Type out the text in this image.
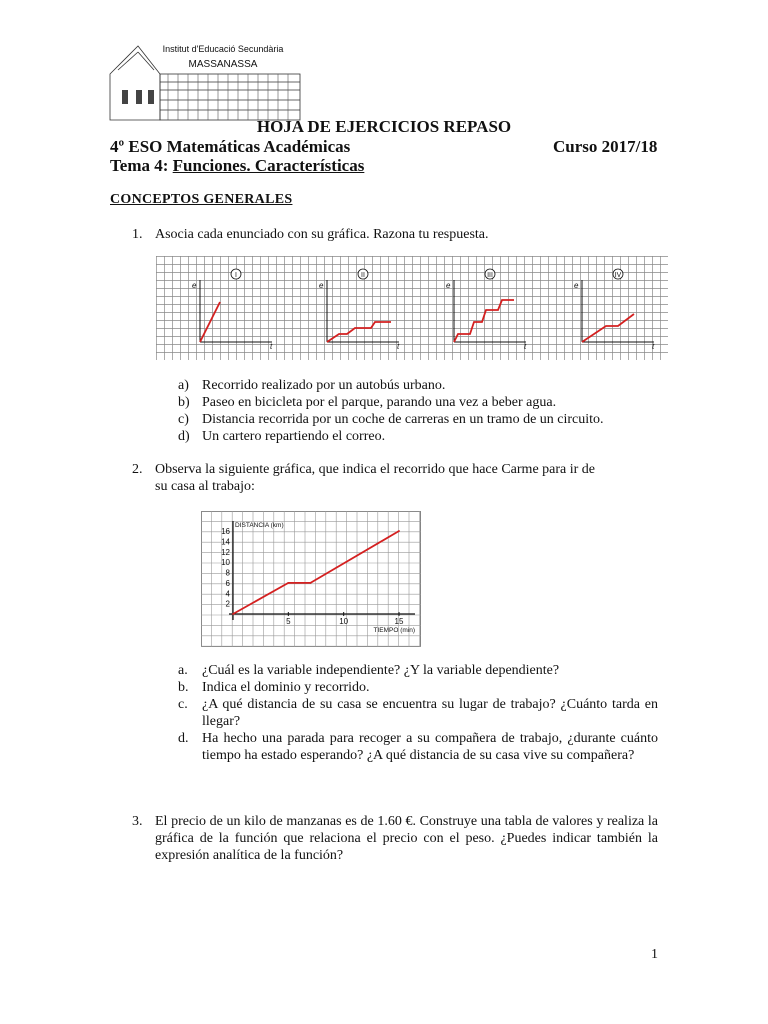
Institut d'Educació Secundària
MASSANASSA
HOJA DE EJERCICIOS REPASO
4º ESO Matemáticas Académicas	Curso 2017/18
Tema 4: Funciones. Características
CONCEPTOS GENERALES
1. Asocia cada enunciado con su gráfica. Razona tu respuesta.
e
t
I
e
t
II
e
t
III
e
t
IV
a) Recorrido realizado por un autobús urbano.
b) Paseo en bicicleta por el parque, parando una vez a beber agua.
c) Distancia recorrida por un coche de carreras en un tramo de un circuito.
d) Un cartero repartiendo el correo.
2. Observa la siguiente gráfica, que indica el recorrido que hace Carme para ir de
su casa al trabajo:
DISTANCIA (km)
TIEMPO (min)
2
4
6
8
10
12
14
16
5	10	15
a. ¿Cuál es la variable independiente? ¿Y la variable dependiente?
b. Indica el dominio y recorrido.
c. ¿A qué distancia de su casa se encuentra su lugar de trabajo? ¿Cuánto tarda en llegar?
d. Ha hecho una parada para recoger a su compañera de trabajo, ¿durante cuánto tiempo ha estado esperando? ¿A qué distancia de su casa vive su compañera?
3. El precio de un kilo de manzanas es de 1.60 €. Construye una tabla de valores y realiza la gráfica de la función que relaciona el precio con el peso. ¿Puedes indicar también la expresión analítica de la función?
1
